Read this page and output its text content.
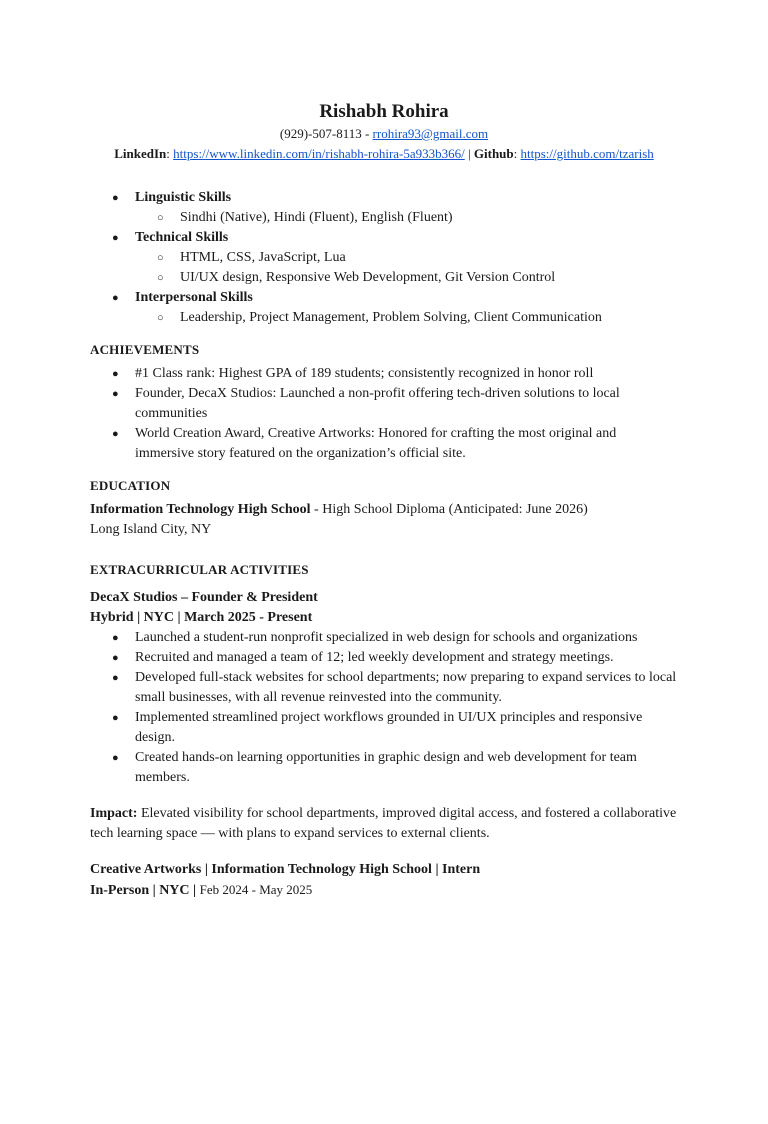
Rishabh Rohira
(929)-507-8113 - rrohira93@gmail.com
LinkedIn: https://www.linkedin.com/in/rishabh-rohira-5a933b366/ | Github: https://github.com/tzarish
● Linguistic Skills
○ Sindhi (Native), Hindi (Fluent), English (Fluent)
● Technical Skills
○ HTML, CSS, JavaScript, Lua
○ UI/UX design, Responsive Web Development, Git Version Control
● Interpersonal Skills
○ Leadership, Project Management, Problem Solving, Client Communication
ACHIEVEMENTS
● #1 Class rank: Highest GPA of 189 students; consistently recognized in honor roll
● Founder, DecaX Studios: Launched a non-profit offering tech-driven solutions to local communities
● World Creation Award, Creative Artworks: Honored for crafting the most original and immersive story featured on the organization’s official site.
EDUCATION

Information Technology High School - High School Diploma (Anticipated: June 2026)

Long Island City, NY

EXTRACURRICULAR ACTIVITIES

DecaX Studios – Founder & President

Hybrid | NYC | March 2025 - Present

● Launched a student-run nonprofit specialized in web design for schools and organizations
● Recruited and managed a team of 12; led weekly development and strategy meetings.
● Developed full-stack websites for school departments; now preparing to expand services to local small businesses, with all revenue reinvested into the community.
● Implemented streamlined project workflows grounded in UI/UX principles and responsive design.
● Created hands-on learning opportunities in graphic design and web development for team members.

Impact: Elevated visibility for school departments, improved digital access, and fostered a collaborative tech learning space — with plans to expand services to external clients.

Creative Artworks | Information Technology High School | Intern

In-Person | NYC | Feb 2024 - May 2025
